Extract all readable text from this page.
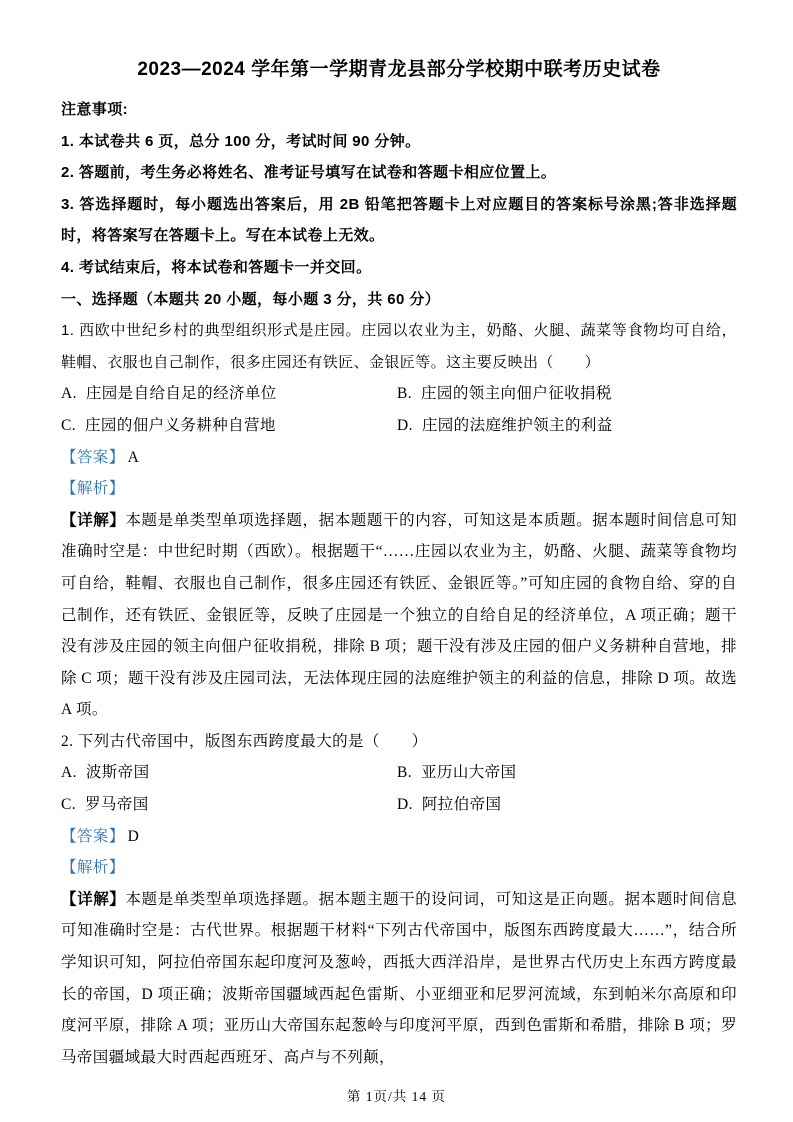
2023—2024 学年第一学期青龙县部分学校期中联考历史试卷

注意事项:

1. 本试卷共 6 页，总分 100 分，考试时间 90 分钟。

2. 答题前，考生务必将姓名、准考证号填写在试卷和答题卡相应位置上。

3. 答选择题时，每小题选出答案后，用 2B 铅笔把答题卡上对应题目的答案标号涂黑;答非选择题时，将答案写在答题卡上。写在本试卷上无效。

4. 考试结束后，将本试卷和答题卡一并交回。

一、选择题（本题共 20 小题，每小题 3 分，共 60 分）

1. 西欧中世纪乡村的典型组织形式是庄园。庄园以农业为主，奶酪、火腿、蔬菜等食物均可自给，鞋帽、衣服也自己制作，很多庄园还有铁匠、金银匠等。这主要反映出（　　）

A. 庄园是自给自足的经济单位	B. 庄园的领主向佃户征收捐税

C. 庄园的佃户义务耕种自营地	D. 庄园的法庭维护领主的利益

【答案】 A

【解析】

【详解】本题是单类型单项选择题，据本题题干的内容，可知这是本质题。据本题时间信息可知准确时空是：中世纪时期（西欧）。根据题干“……庄园以农业为主，奶酪、火腿、蔬菜等食物均可自给，鞋帽、衣服也自己制作，很多庄园还有铁匠、金银匠等。”可知庄园的食物自给、穿的自己制作，还有铁匠、金银匠等，反映了庄园是一个独立的自给自足的经济单位，A 项正确；题干没有涉及庄园的领主向佃户征收捐税，排除 B 项；题干没有涉及庄园的佃户义务耕种自营地，排除 C 项；题干没有涉及庄园司法，无法体现庄园的法庭维护领主的利益的信息，排除 D 项。故选 A 项。

2. 下列古代帝国中，版图东西跨度最大的是（　　）

A. 波斯帝国	B. 亚历山大帝国

C. 罗马帝国	D. 阿拉伯帝国

【答案】 D

【解析】

【详解】本题是单类型单项选择题。据本题主题干的设问词，可知这是正向题。据本题时间信息可知准确时空是：古代世界。根据题干材料“下列古代帝国中，版图东西跨度最大……”，结合所学知识可知，阿拉伯帝国东起印度河及葱岭，西抵大西洋沿岸，是世界古代历史上东西方跨度最长的帝国，D 项正确；波斯帝国疆域西起色雷斯、小亚细亚和尼罗河流域，东到帕米尔高原和印度河平原，排除 A 项；亚历山大帝国东起葱岭与印度河平原，西到色雷斯和希腊，排除 B 项；罗马帝国疆域最大时西起西班牙、高卢与不列颠，

第 1页/共 14 页
